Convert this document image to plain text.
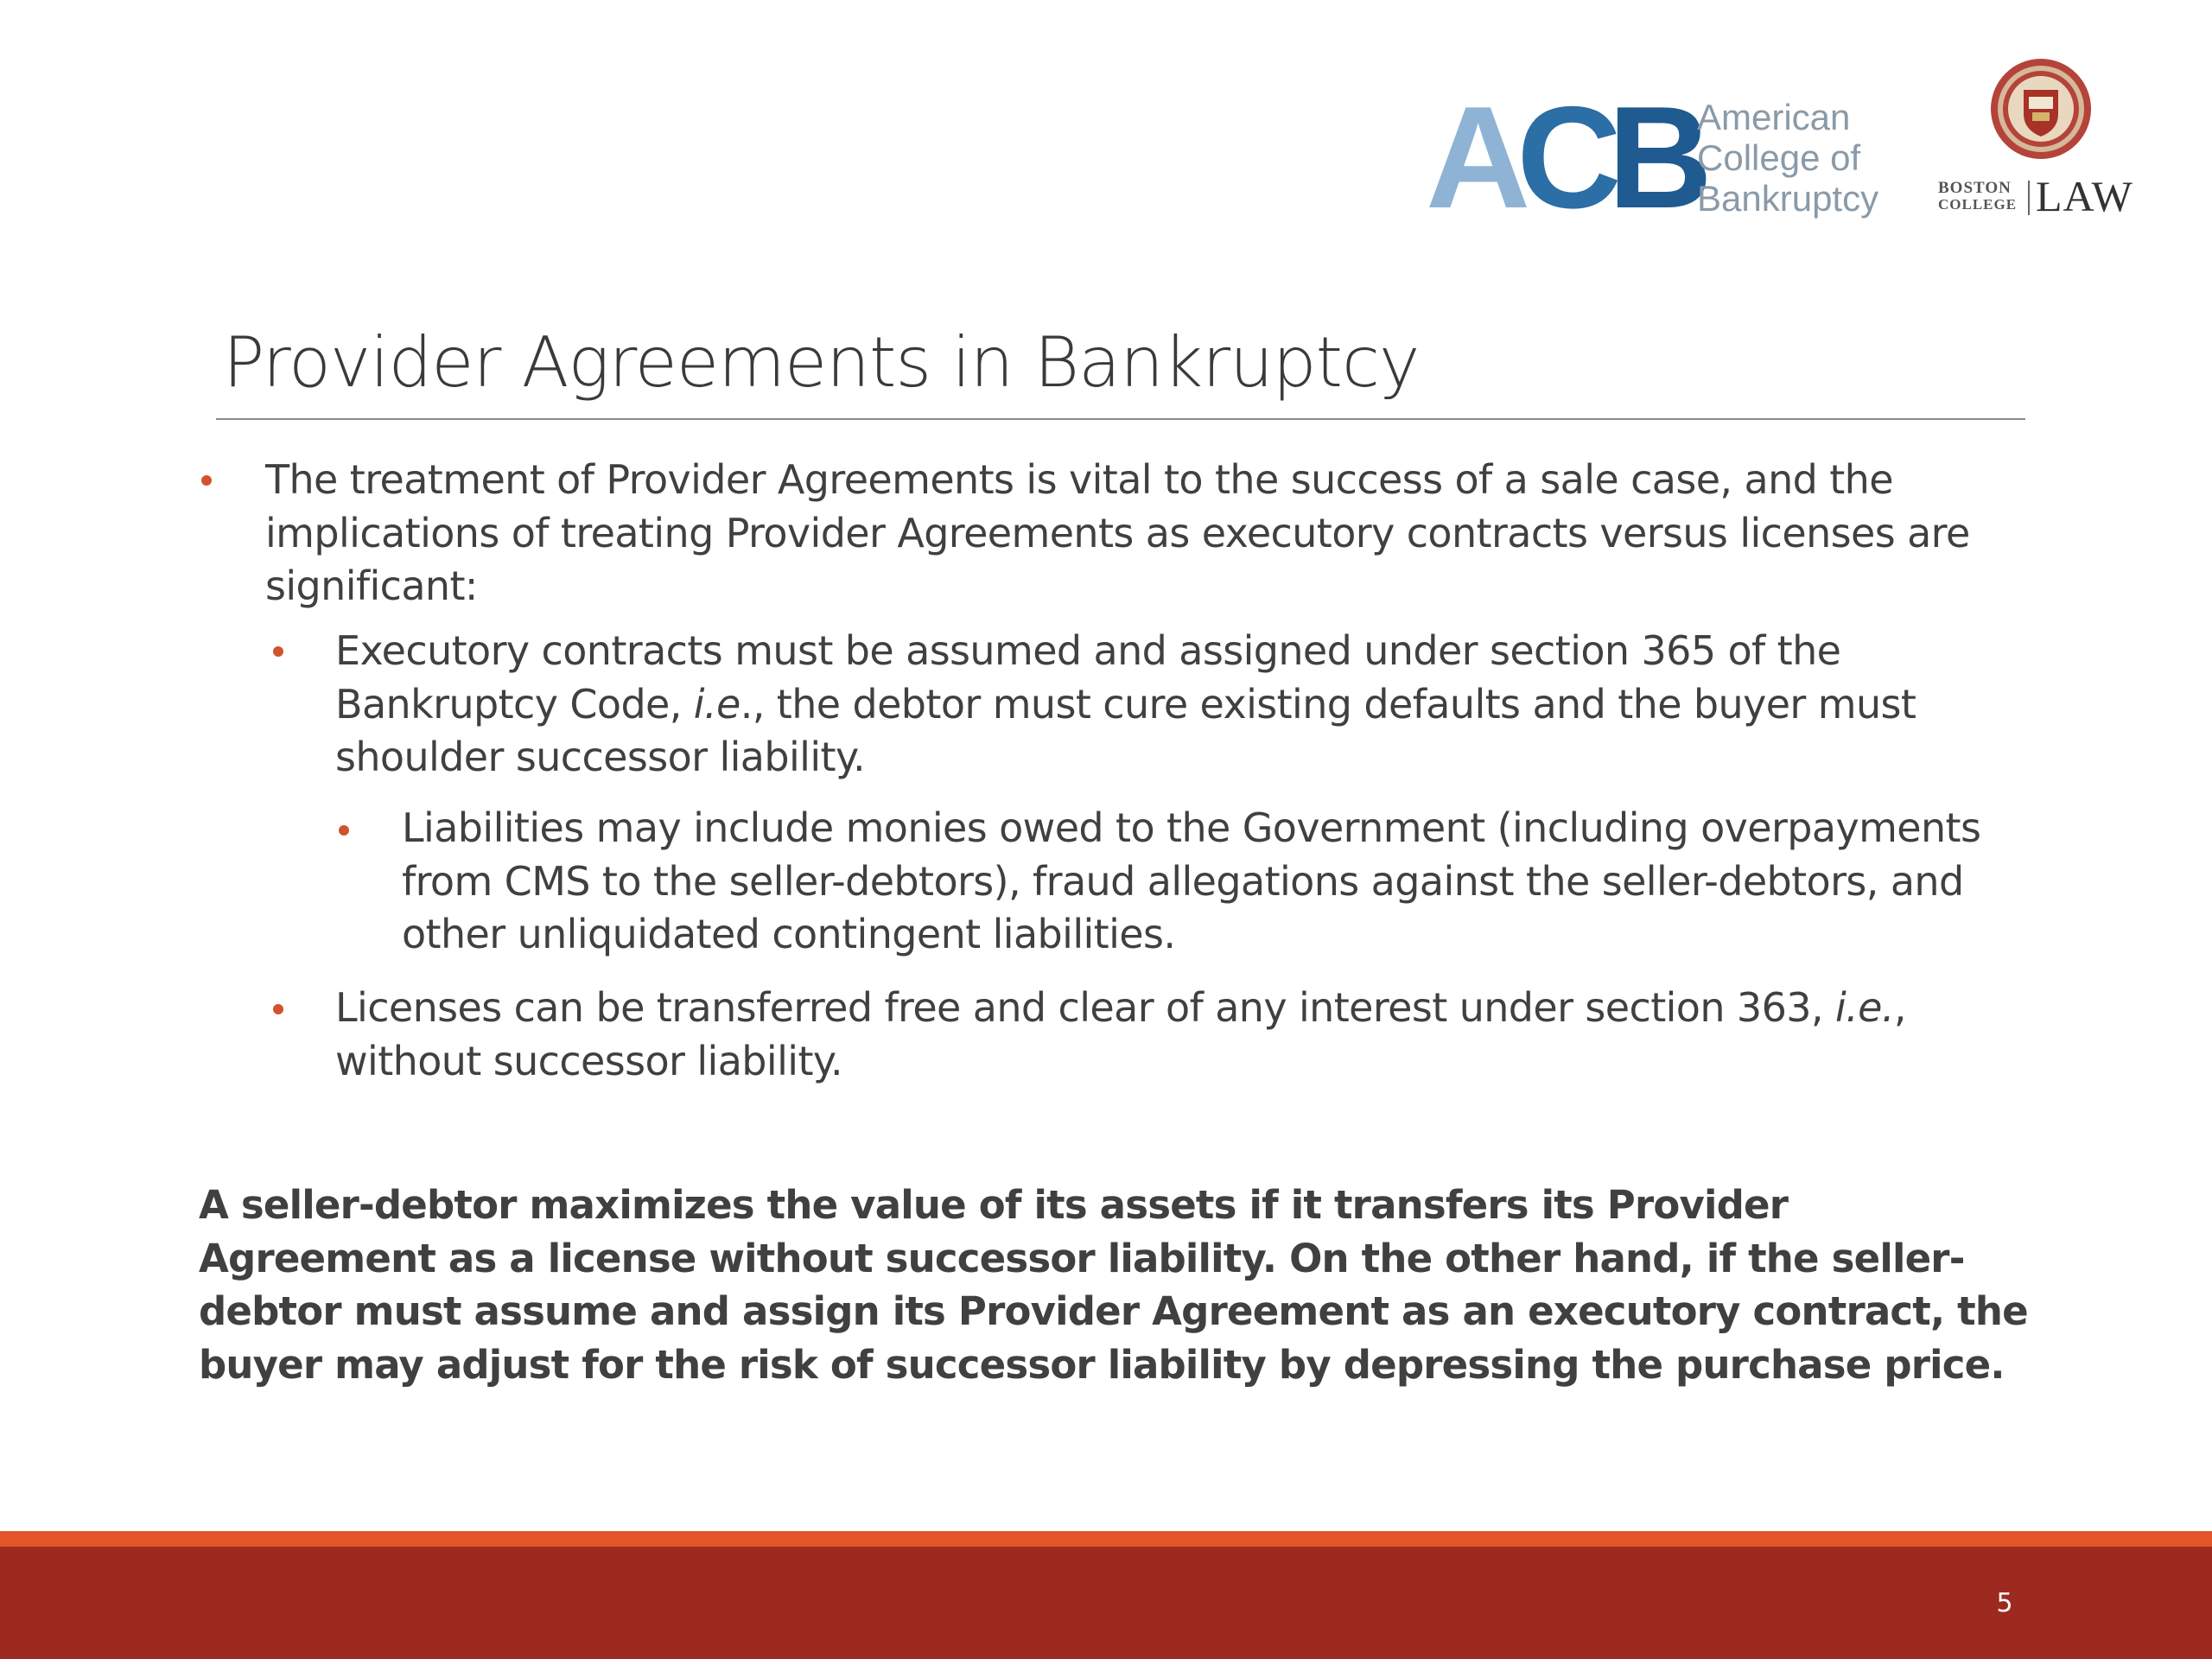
ACB
American
College of
Bankruptcy	BOSTON
COLLEGE LAW
Provider Agreements in Bankruptcy

The treatment of Provider Agreements is vital to the success of a sale case, and the implications of treating Provider Agreements as executory contracts versus licenses are significant:

Executory contracts must be assumed and assigned under section 365 of the Bankruptcy Code, i.e., the debtor must cure existing defaults and the buyer must shoulder successor liability.

Liabilities may include monies owed to the Government (including overpayments from CMS to the seller-debtors), fraud allegations against the seller-debtors, and other unliquidated contingent liabilities.

Licenses can be transferred free and clear of any interest under section 363, i.e., without successor liability.

A seller-debtor maximizes the value of its assets if it transfers its Provider Agreement as a license without successor liability. On the other hand, if the seller-debtor must assume and assign its Provider Agreement as an executory contract, the buyer may adjust for the risk of successor liability by depressing the purchase price.

5
